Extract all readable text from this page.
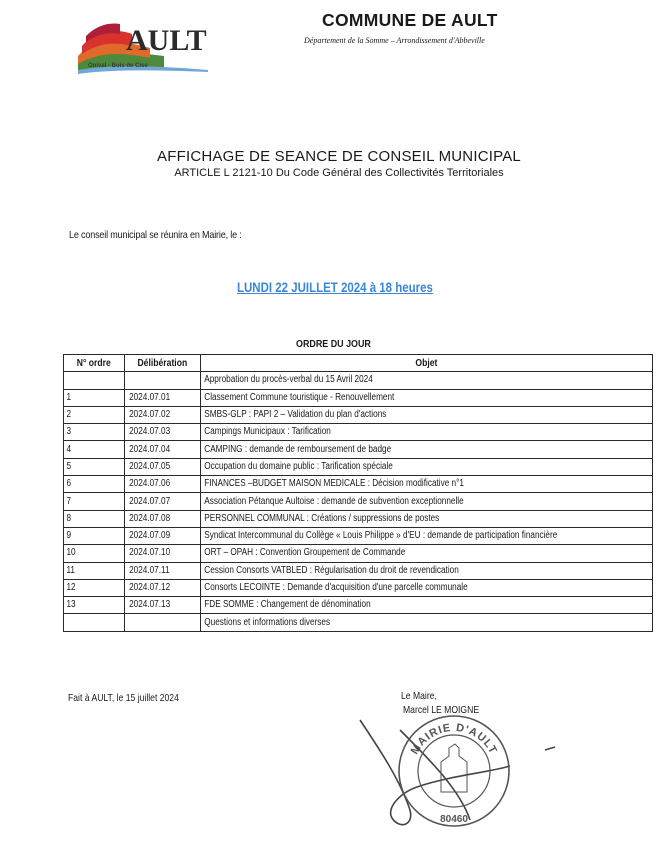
AULT
Onival - Bois de Cise
COMMUNE DE AULT
Département de la Somme – Arrondissement d'Abbeville
AFFICHAGE DE SEANCE DE CONSEIL MUNICIPAL
ARTICLE L 2121-10 Du Code Général des Collectivités Territoriales
Le conseil municipal se réunira en Mairie, le :
LUNDI 22 JUILLET 2024 à 18 heures
ORDRE DU JOUR
N° ordre	Délibération	Objet
		Approbation du procès-verbal du 15 Avril 2024
1	2024.07.01	Classement Commune touristique - Renouvellement
2	2024.07.02	SMBS-GLP : PAPI 2 – Validation du plan d'actions
3	2024.07.03	Campings Municipaux : Tarification
4	2024.07.04	CAMPING : demande de remboursement de badge
5	2024.07.05	Occupation du domaine public : Tarification spéciale
6	2024.07.06	FINANCES –BUDGET MAISON MEDICALE : Décision modificative n°1
7	2024.07.07	Association Pétanque Aultoise : demande de subvention exceptionnelle
8	2024.07.08	PERSONNEL COMMUNAL : Créations / suppressions de postes
9	2024.07.09	Syndicat Intercommunal du Collège « Louis Philippe » d'EU : demande de participation financière
10	2024.07.10	ORT – OPAH : Convention Groupement de Commande
11	2024.07.11	Cession Consorts VATBLED : Régularisation du droit de revendication
12	2024.07.12	Consorts LECOINTE : Demande d'acquisition d'une parcelle communale
13	2024.07.13	FDE SOMME : Changement de dénomination
		Questions et informations diverses
Fait à AULT, le 15 juillet 2024	Le Maire,
Marcel LE MOIGNE
MAIRIE D'AULT
80460
